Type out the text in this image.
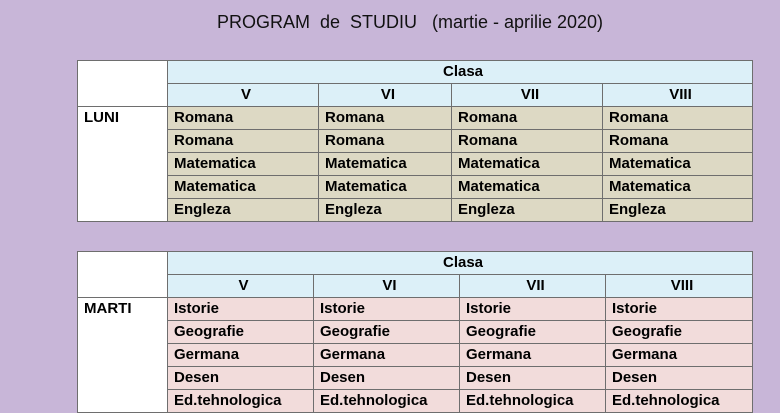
PROGRAM  de  STUDIU   (martie - aprilie 2020)
	Clasa			
	V	VI	VII	VIII
LUNI	Romana	Romana	Romana	Romana
	Romana	Romana	Romana	Romana
	Matematica	Matematica	Matematica	Matematica
	Matematica	Matematica	Matematica	Matematica
	Engleza	Engleza	Engleza	Engleza
	Clasa			
	V	VI	VII	VIII
MARTI	Istorie	Istorie	Istorie	Istorie
	Geografie	Geografie	Geografie	Geografie
	Germana	Germana	Germana	Germana
	Desen	Desen	Desen	Desen
	Ed.tehnologica	Ed.tehnologica	Ed.tehnologica	Ed.tehnologica
